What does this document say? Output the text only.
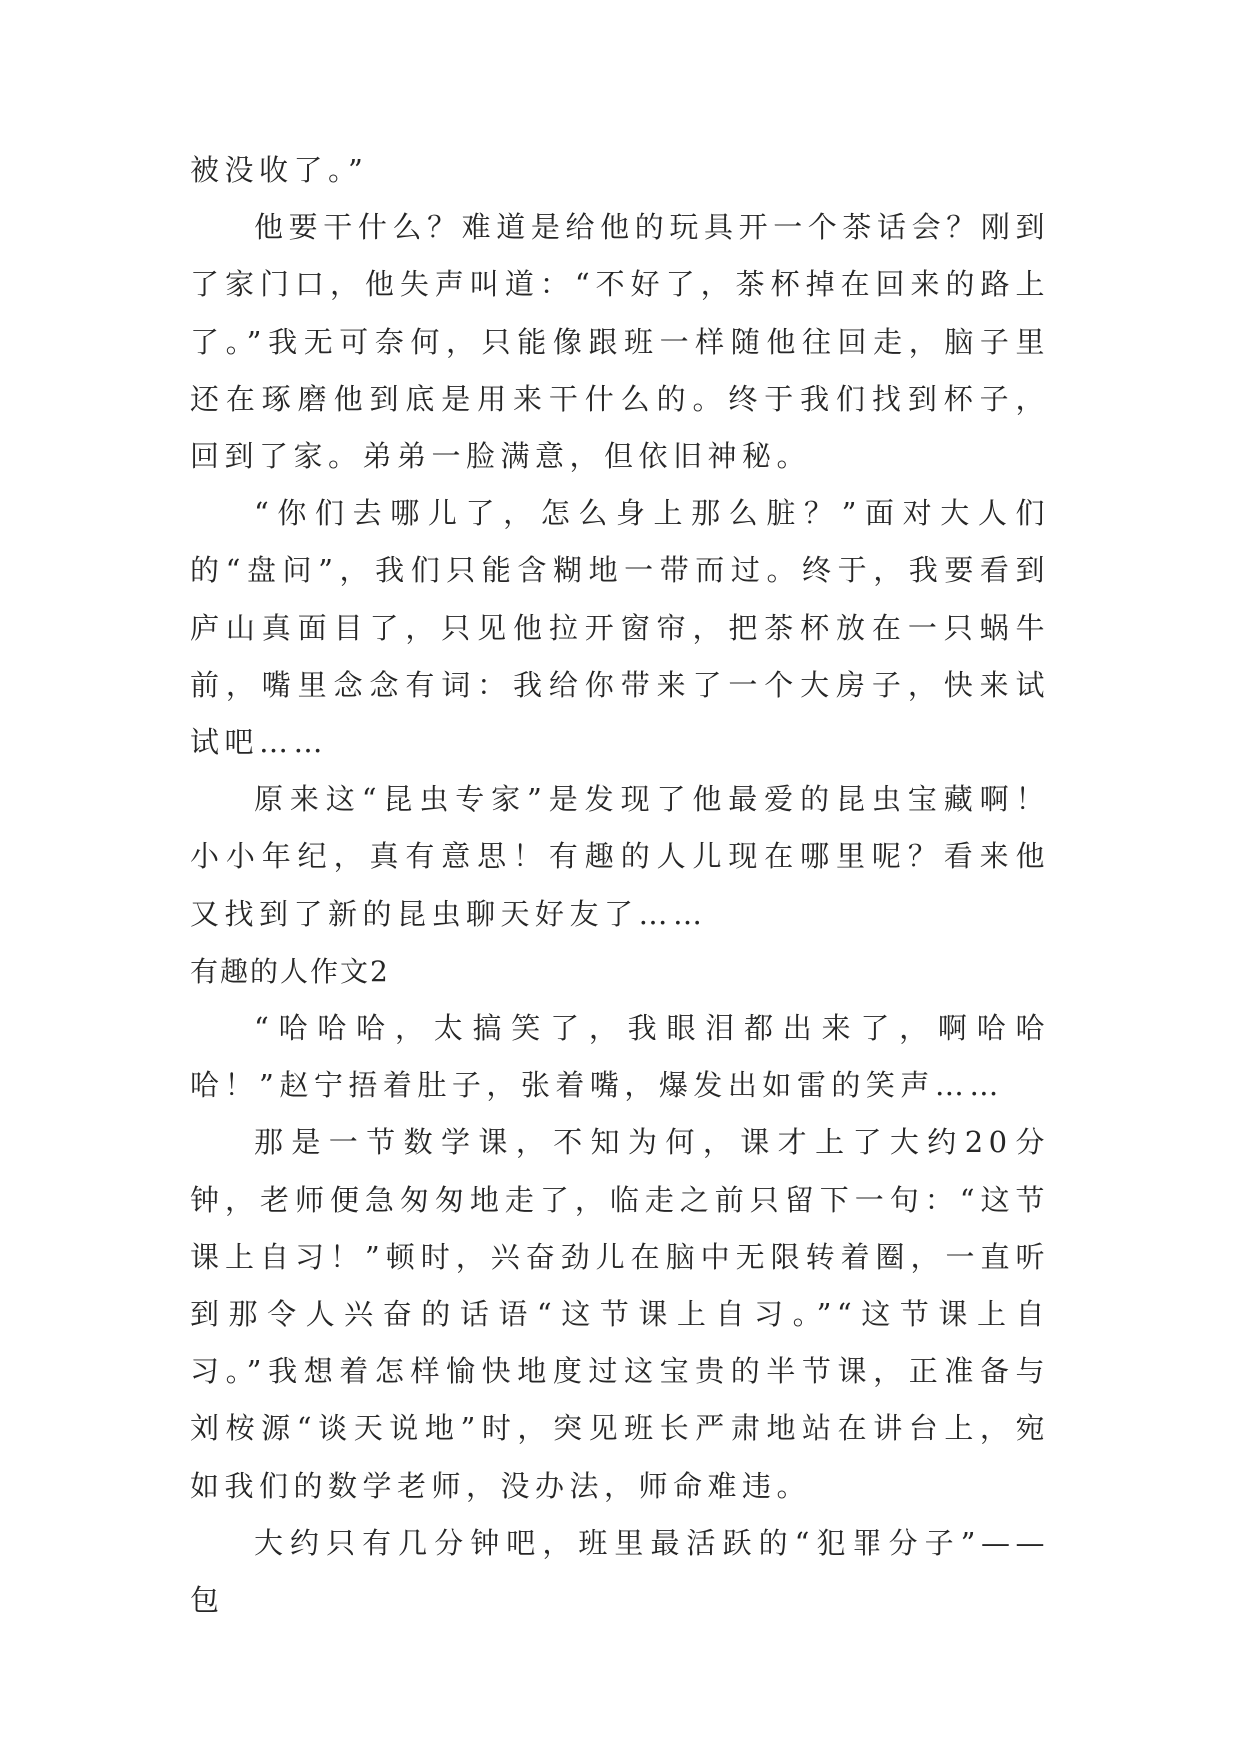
被没收了。”

他要干什么？难道是给他的玩具开一个茶话会？刚到了家门口，他失声叫道：“不好了，茶杯掉在回来的路上了。”我无可奈何，只能像跟班一样随他往回走，脑子里还在琢磨他到底是用来干什么的。终于我们找到杯子，回到了家。弟弟一脸满意，但依旧神秘。

“你们去哪儿了，怎么身上那么脏？”面对大人们的“盘问”，我们只能含糊地一带而过。终于，我要看到庐山真面目了，只见他拉开窗帘，把茶杯放在一只蜗牛前，嘴里念念有词：我给你带来了一个大房子，快来试试吧……

原来这“昆虫专家”是发现了他最爱的昆虫宝藏啊！小小年纪，真有意思！有趣的人儿现在哪里呢？看来他又找到了新的昆虫聊天好友了……

有趣的人作文2

“哈哈哈，太搞笑了，我眼泪都出来了，啊哈哈哈！”赵宁捂着肚子，张着嘴，爆发出如雷的笑声……

那是一节数学课，不知为何，课才上了大约20分钟，老师便急匆匆地走了，临走之前只留下一句：“这节课上自习！”顿时，兴奋劲儿在脑中无限转着圈，一直听到那令人兴奋的话语“这节课上自习。”“这节课上自习。”我想着怎样愉快地度过这宝贵的半节课，正准备与刘桉源“谈天说地”时，突见班长严肃地站在讲台上，宛如我们的数学老师，没办法，师命难违。

大约只有几分钟吧，班里最活跃的“犯罪分子”——包
